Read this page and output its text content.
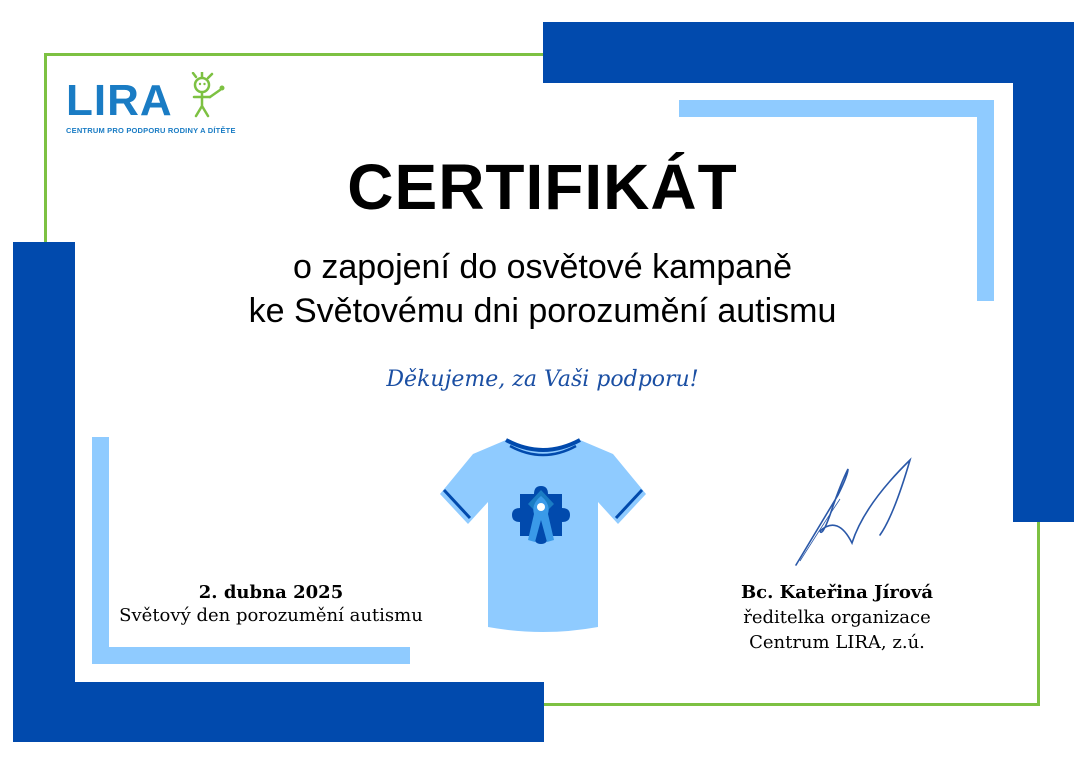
LIRA
CENTRUM PRO PODPORU RODINY A DÍTĚTE
CERTIFIKÁT
o zapojení do osvětové kampaně
ke Světovému dni porozumění autismu
Děkujeme, za Vaši podporu!
2. dubna 2025
Světový den porozumění autismu
Bc. Kateřina Jírová
ředitelka organizace
Centrum LIRA, z.ú.
